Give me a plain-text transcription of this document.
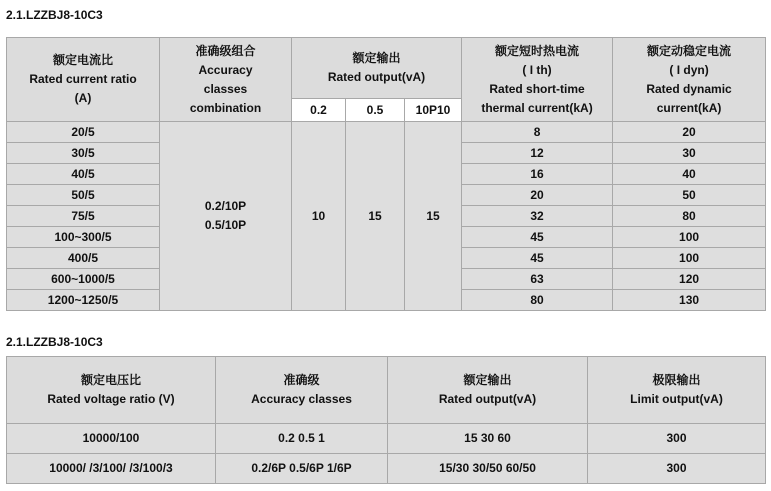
2.1.LZZBJ8-10C3
额定电流比
Rated current ratio
(A)	准确级组合
Accuracy
classes
combination	额定输出
Rated output(vA)			额定短时热电流
( I th)
Rated short-time
thermal current(kA)	额定动稳定电流
( I dyn)
Rated dynamic
current(kA)

		0.2	0.5	10P10		
20/5	0.2/10P
0.5/10P	10	15	15	8	20
30/5					12	30
40/5					16	40
50/5					20	50
75/5					32	80
100~300/5					45	100
400/5					45	100
600~1000/5					63	120
1200~1250/5					80	130
2.1.LZZBJ8-10C3
额定电压比
Rated voltage ratio (V)	准确级
Accuracy classes	额定输出
Rated output(vA)	极限输出
Limit output(vA)

10000/100	0.2 0.5 1	15 30 60	300
10000/ /3/100/ /3/100/3	0.2/6P 0.5/6P 1/6P	15/30 30/50 60/50	300
